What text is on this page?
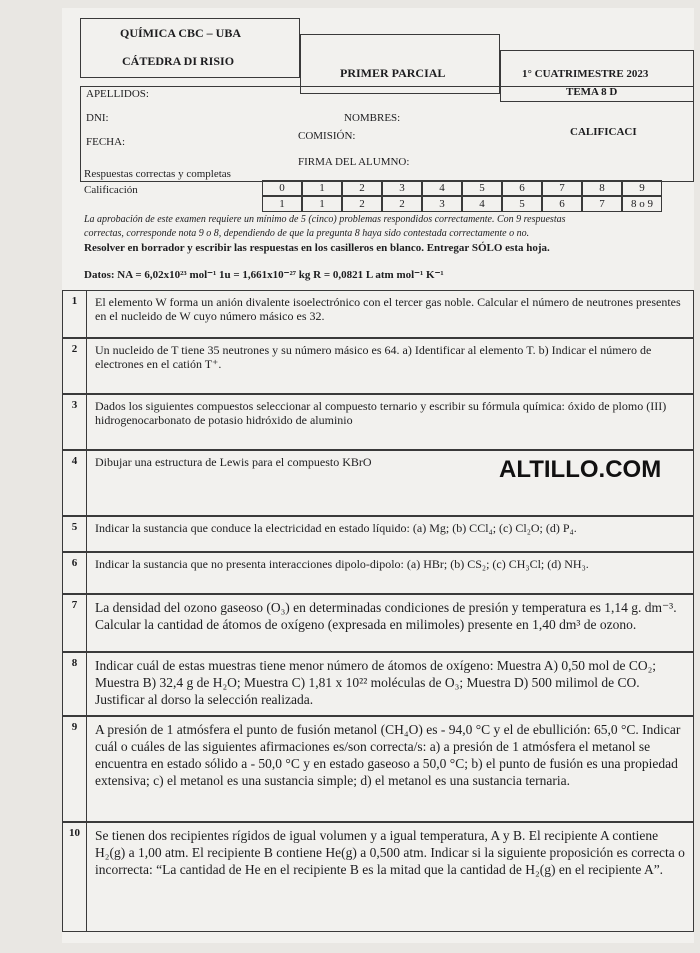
QUÍMICA CBC – UBA
CÁTEDRA DI RISIO
PRIMER PARCIAL	1° CUATRIMESTRE 2023
TEMA 8 D
APELLIDOS:
DNI:	NOMBRES:
FECHA:	COMISIÓN:	CALIFICACI
FIRMA DEL ALUMNO:
Respuestas correctas y completas
Calificación	0	1	2	3	4	5	6	7	8	9
1	1	2	2	3	4	5	6	7	8 o 9
La aprobación de este examen requiere un mínimo de 5 (cinco) problemas respondidos correctamente. Con 9 respuestas
correctas, corresponde nota 9 o 8, dependiendo de que la pregunta 8 haya sido contestada correctamente o no.
Resolver en borrador y escribir las respuestas en los casilleros en blanco. Entregar SÓLO esta hoja.
Datos: NA = 6,02x10²³ mol⁻¹ 1u = 1,661x10⁻²⁷ kg R = 0,0821 L atm mol⁻¹ K⁻¹
1	El elemento W forma un anión divalente isoelectrónico con el tercer gas noble. Calcular el número de neutrones presentes en el nucleido de W cuyo número másico es 32.
2	Un nucleido de T tiene 35 neutrones y su número másico es 64. a) Identificar al elemento T. b) Indicar el número de electrones en el catión T⁺.
3	Dados los siguientes compuestos seleccionar al compuesto ternario y escribir su fórmula química: óxido de plomo (III) hidrogenocarbonato de potasio hidróxido de aluminio
4	Dibujar una estructura de Lewis para el compuesto KBrO
5	Indicar la sustancia que conduce la electricidad en estado líquido: (a) Mg; (b) CCl₄; (c) Cl₂O; (d) P₄.
6	Indicar la sustancia que no presenta interacciones dipolo-dipolo: (a) HBr; (b) CS₂; (c) CH₃Cl; (d) NH₃.
7	La densidad del ozono gaseoso (O₃) en determinadas condiciones de presión y temperatura es 1,14 g. dm⁻³. Calcular la cantidad de átomos de oxígeno (expresada en milimoles) presente en 1,40 dm³ de ozono.
8	Indicar cuál de estas muestras tiene menor número de átomos de oxígeno: Muestra A) 0,50 mol de CO₂; Muestra B) 32,4 g de H₂O; Muestra C) 1,81 x 10²² moléculas de O₃; Muestra D) 500 milimol de CO. Justificar al dorso la selección realizada.
9	A presión de 1 atmósfera el punto de fusión metanol (CH₄O) es - 94,0 °C y el de ebullición: 65,0 °C. Indicar cuál o cuáles de las siguientes afirmaciones es/son correcta/s: a) a presión de 1 atmósfera el metanol se encuentra en estado sólido a - 50,0 °C y en estado gaseoso a 50,0 °C; b) el punto de fusión es una propiedad extensiva; c) el metanol es una sustancia simple; d) el metanol es una sustancia ternaria.
10	Se tienen dos recipientes rígidos de igual volumen y a igual temperatura, A y B. El recipiente A contiene H₂(g) a 1,00 atm. El recipiente B contiene He(g) a 0,500 atm. Indicar si la siguiente proposición es correcta o incorrecta: “La cantidad de He en el recipiente B es la mitad que la cantidad de H₂(g) en el recipiente A”.
ALTILLO.COM
